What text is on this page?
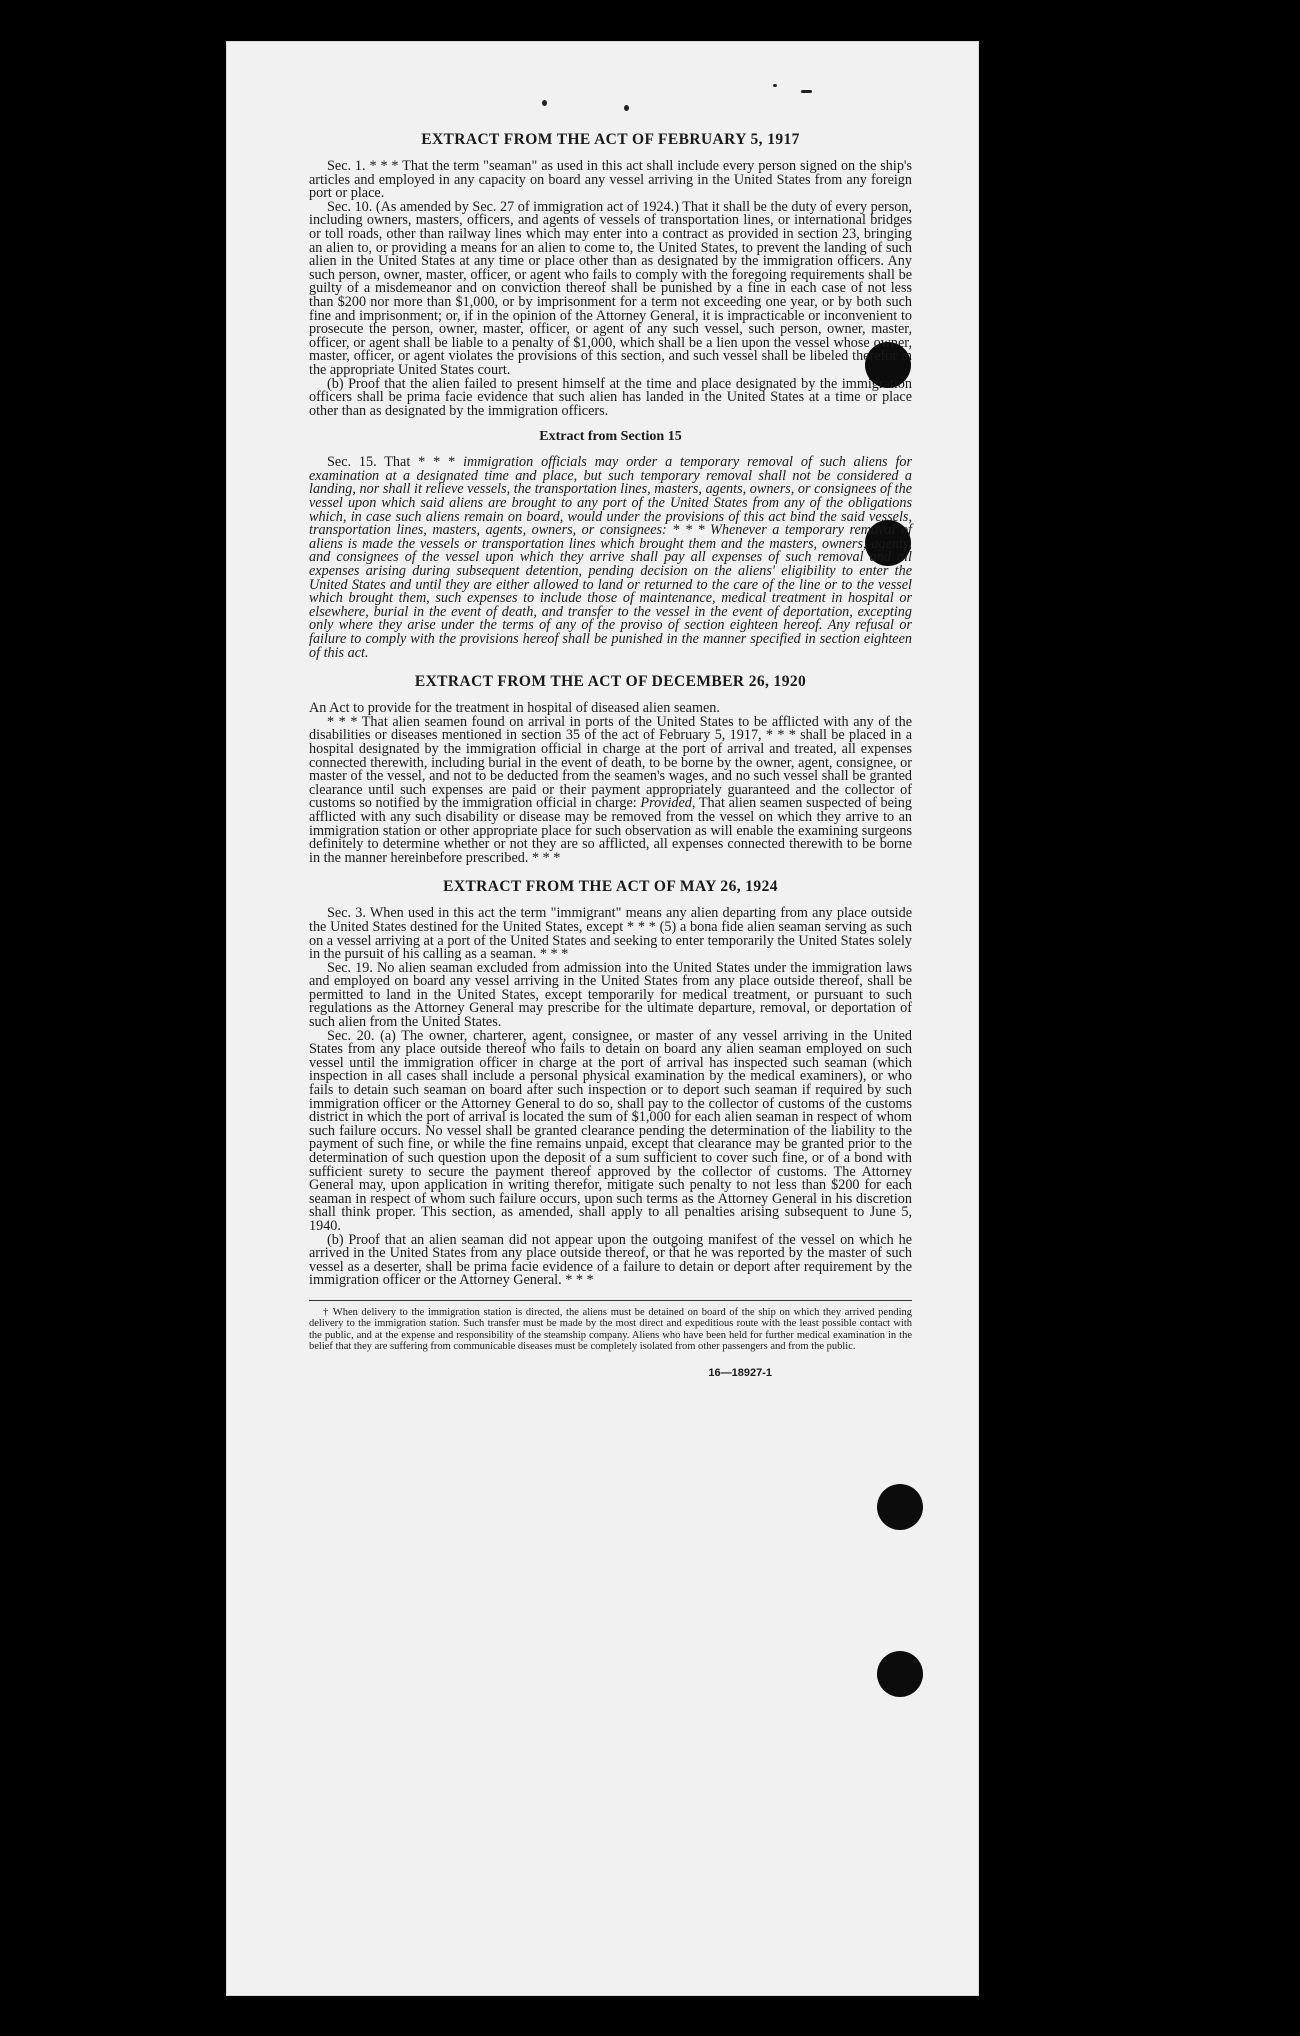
EXTRACT FROM THE ACT OF FEBRUARY 5, 1917

Sec. 1. * * * That the term "seaman" as used in this act shall include every person signed on the ship's articles and employed in any capacity on board any vessel arriving in the United States from any foreign port or place.

Sec. 10. (As amended by Sec. 27 of immigration act of 1924.) That it shall be the duty of every person, including owners, masters, officers, and agents of vessels of transportation lines, or international bridges or toll roads, other than railway lines which may enter into a contract as provided in section 23, bringing an alien to, or providing a means for an alien to come to, the United States, to prevent the landing of such alien in the United States at any time or place other than as designated by the immigration officers. Any such person, owner, master, officer, or agent who fails to comply with the foregoing requirements shall be guilty of a misdemeanor and on conviction thereof shall be punished by a fine in each case of not less than $200 nor more than $1,000, or by imprisonment for a term not exceeding one year, or by both such fine and imprisonment; or, if in the opinion of the Attorney General, it is impracticable or inconvenient to prosecute the person, owner, master, officer, or agent of any such vessel, such person, owner, master, officer, or agent shall be liable to a penalty of $1,000, which shall be a lien upon the vessel whose owner, master, officer, or agent violates the provisions of this section, and such vessel shall be libeled therefor in the appropriate United States court.

(b) Proof that the alien failed to present himself at the time and place designated by the immigration officers shall be prima facie evidence that such alien has landed in the United States at a time or place other than as designated by the immigration officers.

Extract from Section 15

Sec. 15. That * * * immigration officials may order a temporary removal of such aliens for examination at a designated time and place, but such temporary removal shall not be considered a landing, nor shall it relieve vessels, the transportation lines, masters, agents, owners, or consignees of the vessel upon which said aliens are brought to any port of the United States from any of the obligations which, in case such aliens remain on board, would under the provisions of this act bind the said vessels, transportation lines, masters, agents, owners, or consignees: * * * Whenever a temporary removal of aliens is made the vessels or transportation lines which brought them and the masters, owners, agents, and consignees of the vessel upon which they arrive shall pay all expenses of such removal and all expenses arising during subsequent detention, pending decision on the aliens' eligibility to enter the United States and until they are either allowed to land or returned to the care of the line or to the vessel which brought them, such expenses to include those of maintenance, medical treatment in hospital or elsewhere, burial in the event of death, and transfer to the vessel in the event of deportation, excepting only where they arise under the terms of any of the proviso of section eighteen hereof. Any refusal or failure to comply with the provisions hereof shall be punished in the manner specified in section eighteen of this act.

EXTRACT FROM THE ACT OF DECEMBER 26, 1920

An Act to provide for the treatment in hospital of diseased alien seamen.

* * * That alien seamen found on arrival in ports of the United States to be afflicted with any of the disabilities or diseases mentioned in section 35 of the act of February 5, 1917, * * * shall be placed in a hospital designated by the immigration official in charge at the port of arrival and treated, all expenses connected therewith, including burial in the event of death, to be borne by the owner, agent, consignee, or master of the vessel, and not to be deducted from the seamen's wages, and no such vessel shall be granted clearance until such expenses are paid or their payment appropriately guaranteed and the collector of customs so notified by the immigration official in charge: Provided, That alien seamen suspected of being afflicted with any such disability or disease may be removed from the vessel on which they arrive to an immigration station or other appropriate place for such observation as will enable the examining surgeons definitely to determine whether or not they are so afflicted, all expenses connected therewith to be borne in the manner hereinbefore prescribed. * * *

EXTRACT FROM THE ACT OF MAY 26, 1924

Sec. 3. When used in this act the term "immigrant" means any alien departing from any place outside the United States destined for the United States, except * * * (5) a bona fide alien seaman serving as such on a vessel arriving at a port of the United States and seeking to enter temporarily the United States solely in the pursuit of his calling as a seaman. * * *

Sec. 19. No alien seaman excluded from admission into the United States under the immigration laws and employed on board any vessel arriving in the United States from any place outside thereof, shall be permitted to land in the United States, except temporarily for medical treatment, or pursuant to such regulations as the Attorney General may prescribe for the ultimate departure, removal, or deportation of such alien from the United States.

Sec. 20. (a) The owner, charterer, agent, consignee, or master of any vessel arriving in the United States from any place outside thereof who fails to detain on board any alien seaman employed on such vessel until the immigration officer in charge at the port of arrival has inspected such seaman (which inspection in all cases shall include a personal physical examination by the medical examiners), or who fails to detain such seaman on board after such inspection or to deport such seaman if required by such immigration officer or the Attorney General to do so, shall pay to the collector of customs of the customs district in which the port of arrival is located the sum of $1,000 for each alien seaman in respect of whom such failure occurs. No vessel shall be granted clearance pending the determination of the liability to the payment of such fine, or while the fine remains unpaid, except that clearance may be granted prior to the determination of such question upon the deposit of a sum sufficient to cover such fine, or of a bond with sufficient surety to secure the payment thereof approved by the collector of customs. The Attorney General may, upon application in writing therefor, mitigate such penalty to not less than $200 for each seaman in respect of whom such failure occurs, upon such terms as the Attorney General in his discretion shall think proper. This section, as amended, shall apply to all penalties arising subsequent to June 5, 1940.

(b) Proof that an alien seaman did not appear upon the outgoing manifest of the vessel on which he arrived in the United States from any place outside thereof, or that he was reported by the master of such vessel as a deserter, shall be prima facie evidence of a failure to detain or deport after requirement by the immigration officer or the Attorney General. * * *

† When delivery to the immigration station is directed, the aliens must be detained on board of the ship on which they arrived pending delivery to the immigration station. Such transfer must be made by the most direct and expeditious route with the least possible contact with the public, and at the expense and responsibility of the steamship company. Aliens who have been held for further medical examination in the belief that they are suffering from communicable diseases must be completely isolated from other passengers and from the public.

16—18927-1
